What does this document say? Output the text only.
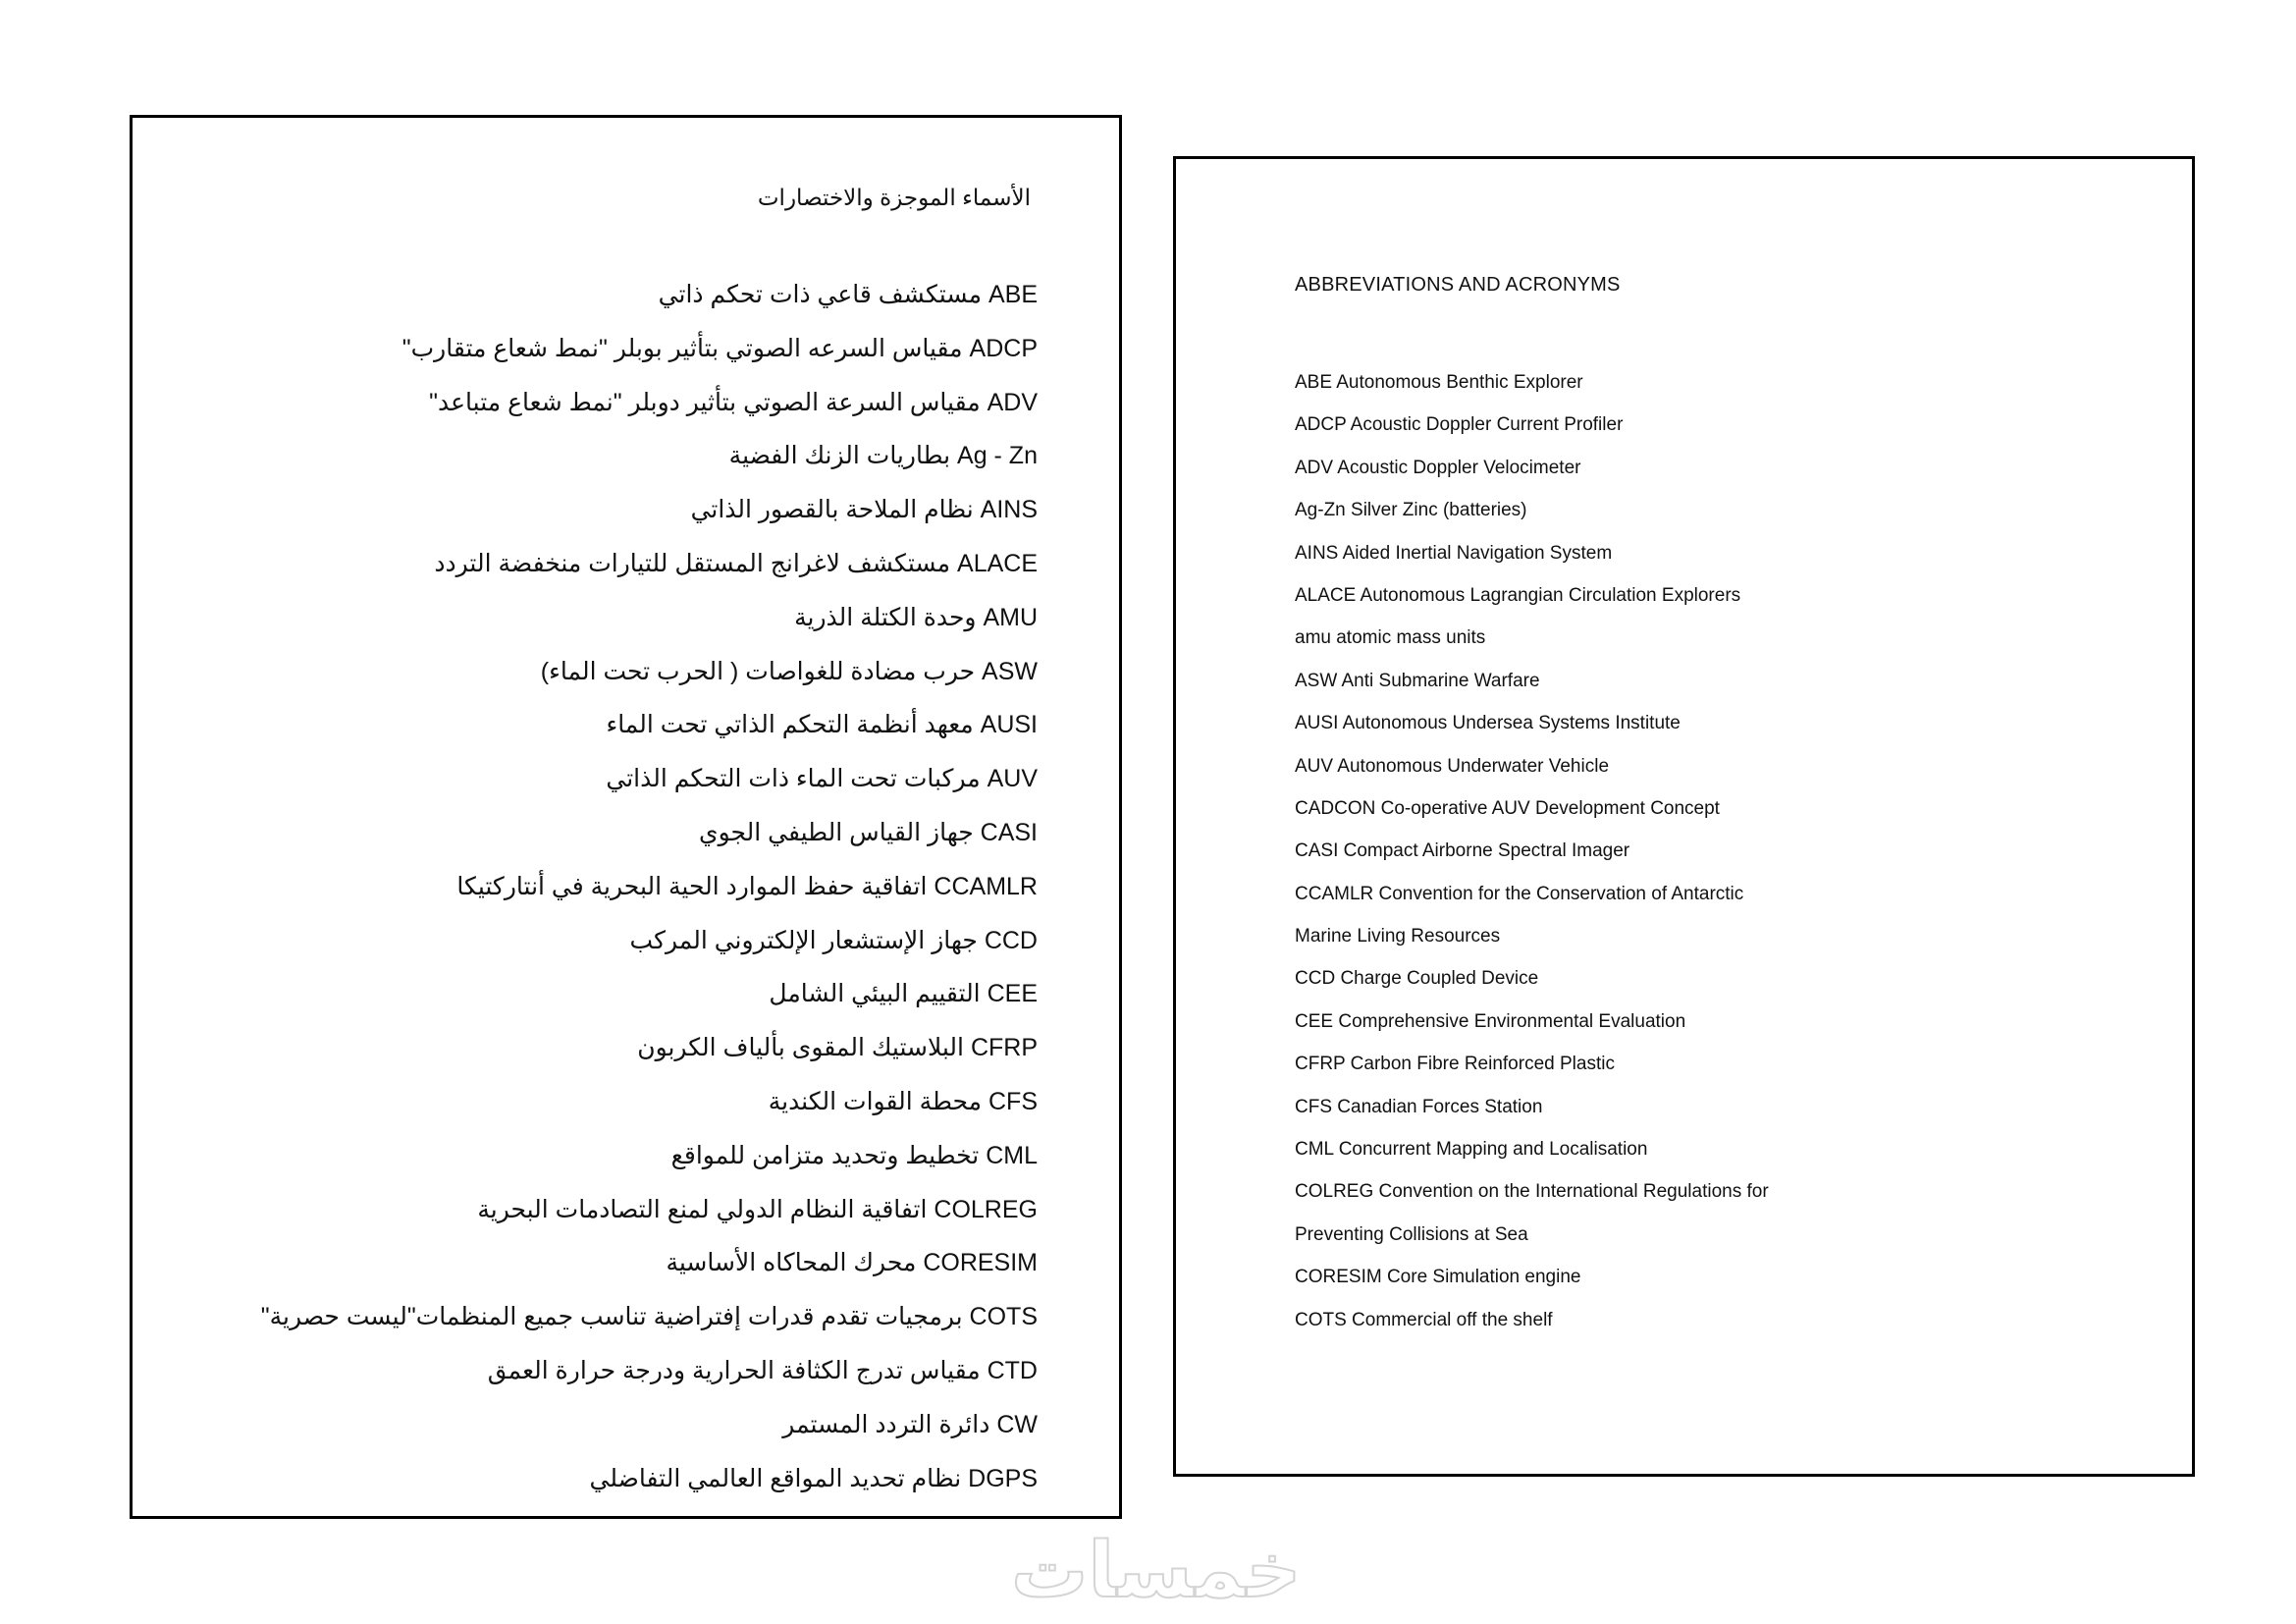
الأسماء الموجزة والاختصارات
ABE مستكشف قاعي ذات تحكم ذاتي
ADCP مقياس السرعه الصوتي بتأثير بوبلر "نمط شعاع متقارب"
ADV مقياس السرعة الصوتي بتأثير دوبلر "نمط شعاع متباعد"
Ag - Zn بطاريات الزنك الفضية
AINS نظام الملاحة بالقصور الذاتي
ALACE مستكشف لاغرانج المستقل للتيارات منخفضة التردد
AMU وحدة الكتلة الذرية
ASW حرب مضادة للغواصات ( الحرب تحت الماء)
AUSI معهد أنظمة التحكم الذاتي تحت الماء
AUV مركبات تحت الماء ذات التحكم الذاتي
CASI جهاز القياس الطيفي الجوي
CCAMLR اتفاقية حفظ الموارد الحية البحرية في أنتاركتيكا
CCD جهاز الإستشعار الإلكتروني المركب
CEE التقييم البيئي الشامل
CFRP البلاستيك المقوى بألياف الكربون
CFS محطة القوات الكندية
CML تخطيط وتحديد متزامن للمواقع
COLREG اتفاقية النظام الدولي لمنع التصادمات البحرية
CORESIM محرك المحاكاه الأساسية
COTS برمجيات تقدم قدرات إفتراضية تناسب جميع المنظمات"ليست حصرية"
CTD مقياس تدرج الكثافة الحرارية ودرجة حرارة العمق
CW دائرة التردد المستمر
DGPS نظام تحديد المواقع العالمي التفاضلي
ABBREVIATIONS AND ACRONYMS
ABE Autonomous Benthic Explorer
ADCP Acoustic Doppler Current Profiler
ADV Acoustic Doppler Velocimeter
Ag-Zn Silver Zinc (batteries)
AINS Aided Inertial Navigation System
ALACE Autonomous Lagrangian Circulation Explorers
amu atomic mass units
ASW Anti Submarine Warfare
AUSI Autonomous Undersea Systems Institute
AUV Autonomous Underwater Vehicle
CADCON Co-operative AUV Development Concept
CASI Compact Airborne Spectral Imager
CCAMLR Convention for the Conservation of Antarctic
Marine Living Resources
CCD Charge Coupled Device
CEE Comprehensive Environmental Evaluation
CFRP Carbon Fibre Reinforced Plastic
CFS Canadian Forces Station
CML Concurrent Mapping and Localisation
COLREG Convention on the International Regulations for
Preventing Collisions at Sea
CORESIM Core Simulation engine
COTS Commercial off the shelf
خمسات
